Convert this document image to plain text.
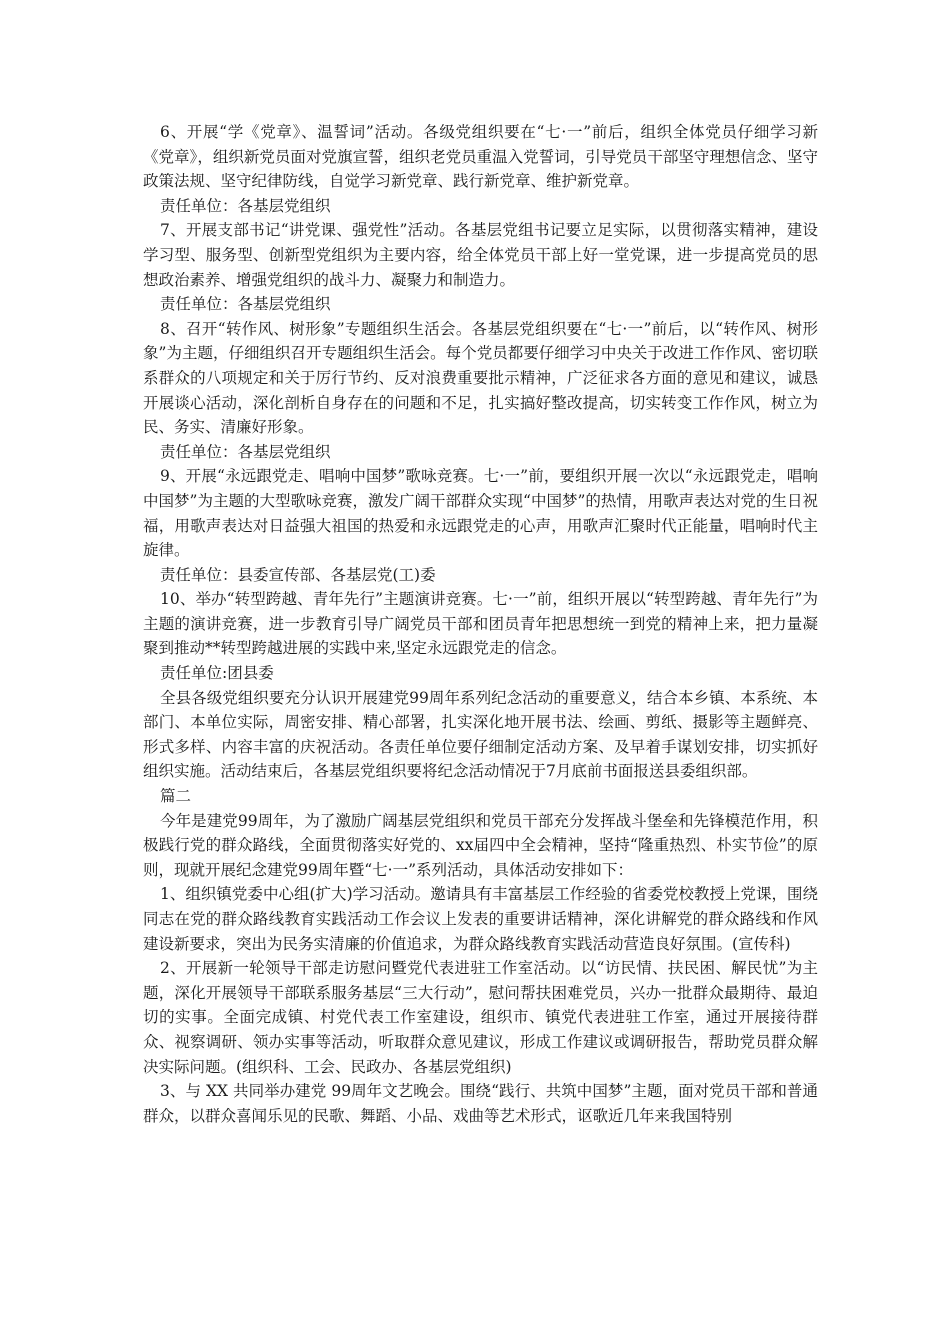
6、开展“学《党章》、温誓词”活动。各级党组织要在“七·一”前后，组织全体党员仔细学习新《党章》，组织新党员面对党旗宣誓，组织老党员重温入党誓词，引导党员干部坚守理想信念、坚守政策法规、坚守纪律防线，自觉学习新党章、践行新党章、维护新党章。

责任单位：各基层党组织

7、开展支部书记“讲党课、强党性”活动。各基层党组书记要立足实际，以贯彻落实精神，建设学习型、服务型、创新型党组织为主要内容，给全体党员干部上好一堂党课，进一步提高党员的思想政治素养、增强党组织的战斗力、凝聚力和制造力。

责任单位：各基层党组织

8、召开“转作风、树形象”专题组织生活会。各基层党组织要在“七·一”前后，以“转作风、树形象”为主题，仔细组织召开专题组织生活会。每个党员都要仔细学习中央关于改进工作作风、密切联系群众的八项规定和关于厉行节约、反对浪费重要批示精神，广泛征求各方面的意见和建议，诚恳开展谈心活动，深化剖析自身存在的问题和不足，扎实搞好整改提高，切实转变工作作风，树立为民、务实、清廉好形象。

责任单位：各基层党组织

9、开展“永远跟党走、唱响中国梦”歌咏竞赛。七·一”前，要组织开展一次以“永远跟党走，唱响中国梦”为主题的大型歌咏竞赛，激发广阔干部群众实现“中国梦”的热情，用歌声表达对党的生日祝福，用歌声表达对日益强大祖国的热爱和永远跟党走的心声，用歌声汇聚时代正能量，唱响时代主旋律。

责任单位：县委宣传部、各基层党(工)委

10、举办“转型跨越、青年先行”主题演讲竞赛。七·一”前，组织开展以“转型跨越、青年先行”为主题的演讲竞赛，进一步教育引导广阔党员干部和团员青年把思想统一到党的精神上来，把力量凝聚到推动**转型跨越进展的实践中来,坚定永远跟党走的信念。

责任单位:团县委

全县各级党组织要充分认识开展建党99周年系列纪念活动的重要意义，结合本乡镇、本系统、本部门、本单位实际，周密安排、精心部署，扎实深化地开展书法、绘画、剪纸、摄影等主题鲜亮、形式多样、内容丰富的庆祝活动。各责任单位要仔细制定活动方案、及早着手谋划安排，切实抓好组织实施。活动结束后，各基层党组织要将纪念活动情况于7月底前书面报送县委组织部。

篇二

今年是建党99周年，为了激励广阔基层党组织和党员干部充分发挥战斗堡垒和先锋模范作用，积极践行党的群众路线，全面贯彻落实好党的、xx届四中全会精神，坚持“隆重热烈、朴实节俭”的原则，现就开展纪念建党99周年暨“七·一”系列活动，具体活动安排如下：

1、组织镇党委中心组(扩大)学习活动。邀请具有丰富基层工作经验的省委党校教授上党课，围绕同志在党的群众路线教育实践活动工作会议上发表的重要讲话精神，深化讲解党的群众路线和作风建设新要求，突出为民务实清廉的价值追求，为群众路线教育实践活动营造良好氛围。(宣传科)

2、开展新一轮领导干部走访慰问暨党代表进驻工作室活动。以“访民情、扶民困、解民忧”为主题，深化开展领导干部联系服务基层“三大行动”，慰问帮扶困难党员，兴办一批群众最期待、最迫切的实事。全面完成镇、村党代表工作室建设，组织市、镇党代表进驻工作室，通过开展接待群众、视察调研、领办实事等活动，听取群众意见建议，形成工作建议或调研报告，帮助党员群众解决实际问题。(组织科、工会、民政办、各基层党组织)

3、与 XX 共同举办建党 99周年文艺晚会。围绕“践行、共筑中国梦”主题，面对党员干部和普通群众，以群众喜闻乐见的民歌、舞蹈、小品、戏曲等艺术形式，讴歌近几年来我国特别
